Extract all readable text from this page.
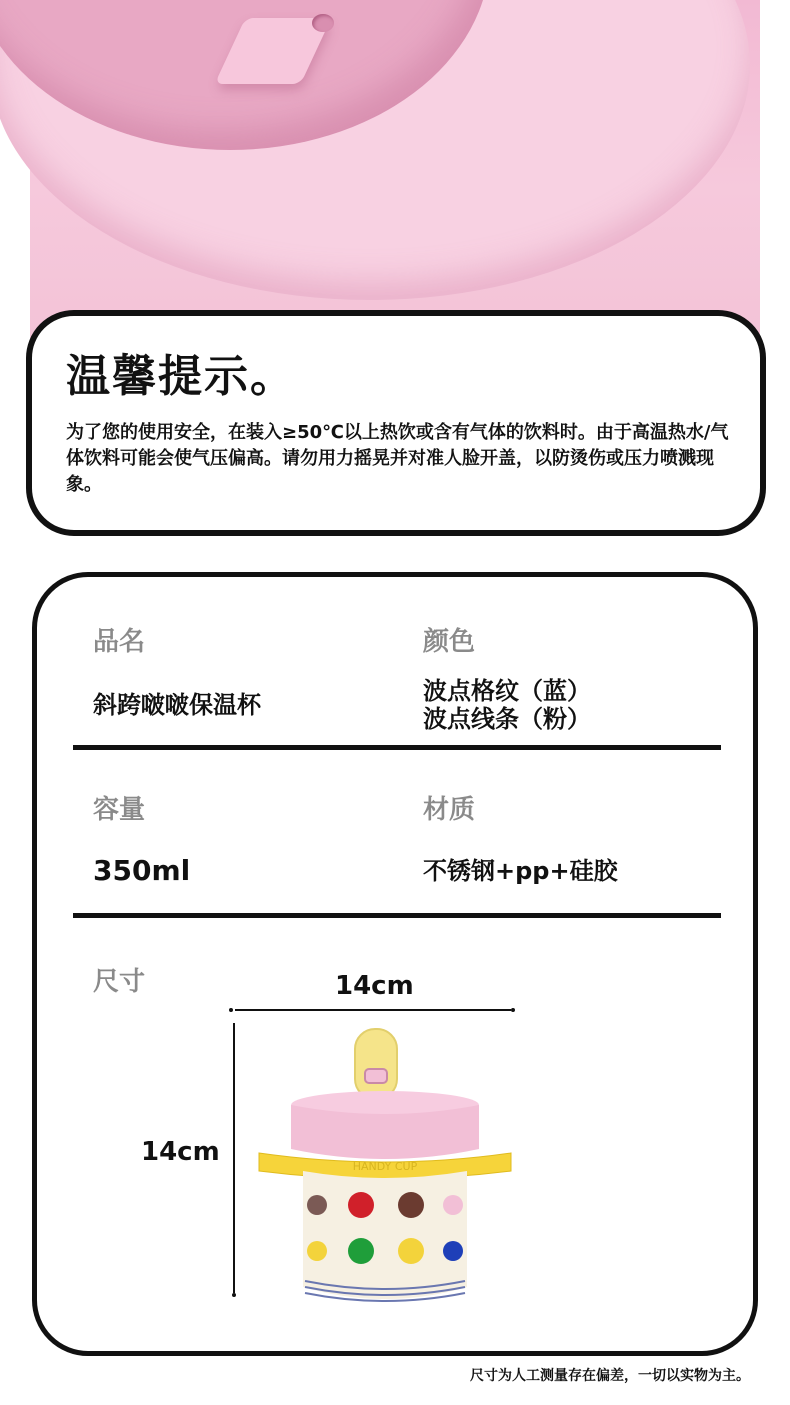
温馨提示。
为了您的使用安全，在装入≥50℃以上热饮或含有气体的饮料时。由于高温热水/气体饮料可能会使气压偏高。请勿用力摇晃并对准人脸开盖，以防烫伤或压力喷溅现象。
品名
斜跨啵啵保温杯
颜色
波点格纹（蓝）
波点线条（粉）
容量
350ml
材质
不锈钢+pp+硅胶
尺寸	14cm
14cm	HANDY CUP
尺寸为人工测量存在偏差，一切以实物为主。
